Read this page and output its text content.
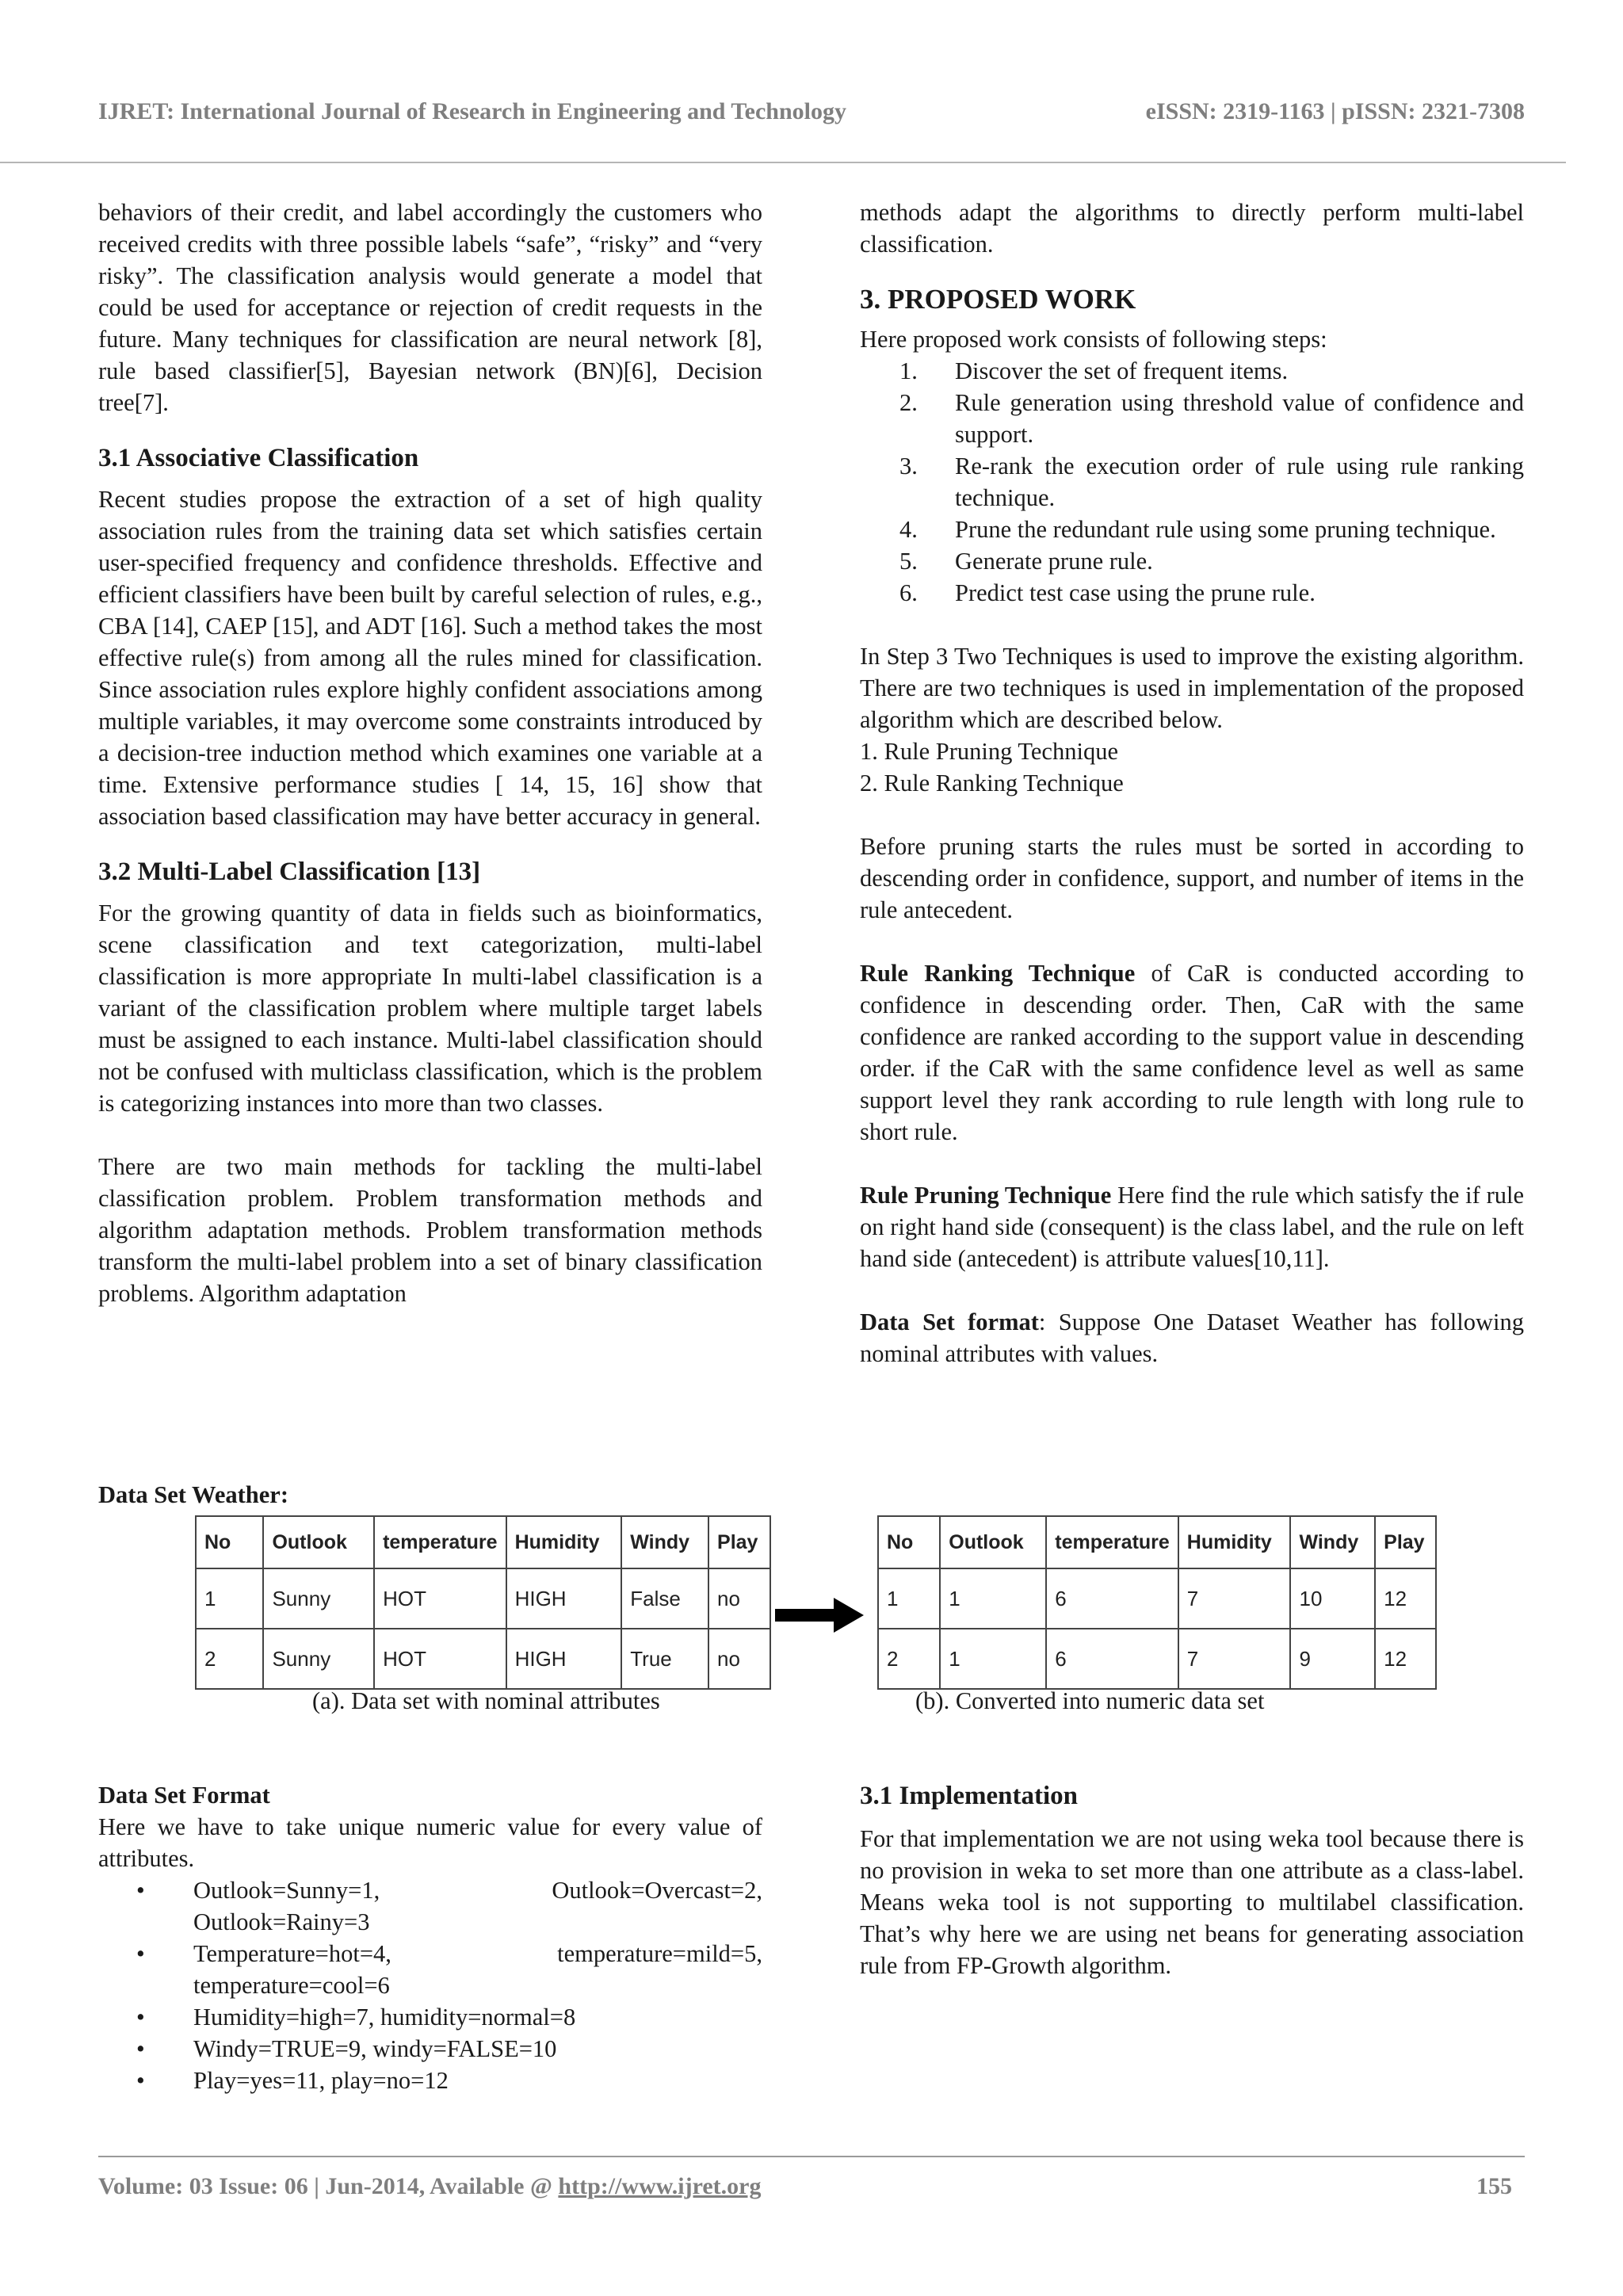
IJRET: International Journal of Research in Engineering and Technology	eISSN: 2319-1163 | pISSN: 2321-7308

behaviors of their credit, and label accordingly the customers who received credits with three possible labels “safe”, “risky” and “very risky”. The classification analysis would generate a model that could be used for acceptance or rejection of credit requests in the future. Many techniques for classification are neural network [8], rule based classifier[5], Bayesian network (BN)[6], Decision tree[7].

3.1 Associative Classification

Recent studies propose the extraction of a set of high quality association rules from the training data set which satisfies certain user-specified frequency and confidence thresholds. Effective and efficient classifiers have been built by careful selection of rules, e.g., CBA [14], CAEP [15], and ADT [16]. Such a method takes the most effective rule(s) from among all the rules mined for classification. Since association rules explore highly confident associations among multiple variables, it may overcome some constraints introduced by a decision-tree induction method which examines one variable at a time. Extensive performance studies [ 14, 15, 16] show that association based classification may have better accuracy in general.

3.2 Multi-Label Classification [13]

For the growing quantity of data in fields such as bioinformatics, scene classification and text categorization, multi-label classification is more appropriate In multi-label classification is a variant of the classification problem where multiple target labels must be assigned to each instance. Multi-label classification should not be confused with multiclass classification, which is the problem is categorizing instances into more than two classes.

There are two main methods for tackling the multi-label classification problem. Problem transformation methods and algorithm adaptation methods. Problem transformation methods transform the multi-label problem into a set of binary classification problems. Algorithm adaptation

methods adapt the algorithms to directly perform multi-label classification.

3. PROPOSED WORK

Here proposed work consists of following steps:

1. Discover the set of frequent items.
2. Rule generation using threshold value of confidence and support.
3. Re-rank the execution order of rule using rule ranking technique.
4. Prune the redundant rule using some pruning technique.
5. Generate prune rule.
6. Predict test case using the prune rule.

In Step 3 Two Techniques is used to improve the existing algorithm. There are two techniques is used in implementation of the proposed algorithm which are described below.

1. Rule Pruning Technique

2. Rule Ranking Technique

Before pruning starts the rules must be sorted in according to descending order in confidence, support, and number of items in the rule antecedent.

Rule Ranking Technique of CaR is conducted according to confidence in descending order. Then, CaR with the same confidence are ranked according to the support value in descending order. if the CaR with the same confidence level as well as same support level they rank according to rule length with long rule to short rule.

Rule Pruning Technique Here find the rule which satisfy the if rule on right hand side (consequent) is the class label, and the rule on left hand side (antecedent) is attribute values[10,11].

Data Set format: Suppose One Dataset Weather has following nominal attributes with values.

Data Set Weather:
No	Outlook	temperature	Humidity	Windy	Play
1	Sunny	HOT	HIGH	False	no
2	Sunny	HOT	HIGH	True	no
No	Outlook	temperature	Humidity	Windy	Play
1	1	6	7	10	12
2	1	6	7	9	12
(a). Data set with nominal attributes	(b). Converted into numeric data set
Data Set Format

Here we have to take unique numeric value for every value of attributes.

• Outlook=Sunny=1, Outlook=Overcast=2, Outlook=Rainy=3
• Temperature=hot=4, temperature=mild=5, temperature=cool=6
• Humidity=high=7, humidity=normal=8
• Windy=TRUE=9, windy=FALSE=10
• Play=yes=11, play=no=12
3.1 Implementation

For that implementation we are not using weka tool because there is no provision in weka to set more than one attribute as a class-label. Means weka tool is not supporting to multilabel classification. That’s why here we are using net beans for generating association rule from FP-Growth algorithm.

Volume: 03 Issue: 06 | Jun-2014, Available @ http://www.ijret.org	155
